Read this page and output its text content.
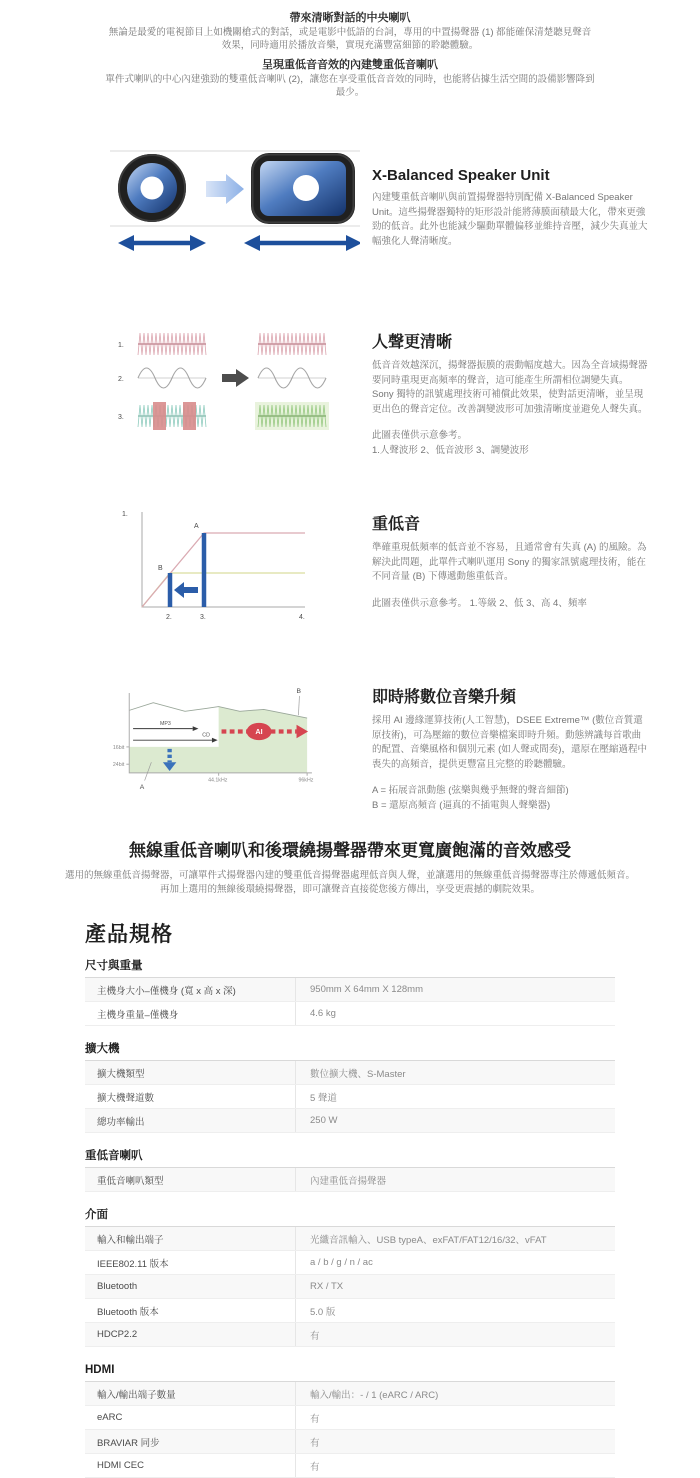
帶來清晰對話的中央喇叭

無論是最愛的電視節目上如機關槍式的對話，或是電影中低語的台詞，專用的中置揚聲器 (1) 都能確保清楚聽見聲音效果，同時適用於播放音樂，實現充滿豐富細節的聆聽體驗。

呈現重低音音效的內建雙重低音喇叭

單件式喇叭的中心內建強勁的雙重低音喇叭 (2)，讓您在享受重低音音效的同時，也能將佔據生活空間的設備影響降到最少。

X-Balanced Speaker Unit

內建雙重低音喇叭與前置揚聲器特別配備 X-Balanced Speaker Unit。這些揚聲器獨特的矩形設計能將薄膜面積最大化，帶來更強勁的低音。此外也能減少驅動單體偏移並維持音壓，減少失真並大幅強化人聲清晰度。

1.
2.
3.
人聲更清晰

低音音效越深沉，揚聲器振膜的震動幅度越大。因為全音域揚聲器要同時重現更高頻率的聲音，這可能產生所謂相位調變失真。Sony 獨特的訊號處理技術可補償此效果，使對話更清晰，並呈現更出色的聲音定位。改善調變波形可加強清晰度並避免人聲失真。

此圖表僅供示意參考。

1.人聲波形 2、低音波形 3、調變波形

1.
A
B
2.	3.	4.
重低音

準確重現低頻率的低音並不容易，且通常會有失真 (A) 的風險。為解決此問題，此單件式喇叭運用 Sony 的獨家訊號處理技術，能在不同音量 (B) 下傳遞動態重低音。

此圖表僅供示意參考。 1.等級 2、低 3、高 4、頻率

16bit
24bit
44.1kHz	96kHz
MP3
CD	AI
B
A
即時將數位音樂升頻

採用 AI 邊緣運算技術(人工智慧)，DSEE Extreme™ (數位音質還原技術)，可為壓縮的數位音樂檔案即時升頻。動態辨識每首歌曲的配置、音樂風格和個別元素 (如人聲或間奏)，還原在壓縮過程中喪失的高頻音，提供更豐富且完整的聆聽體驗。

A = 拓展音訊動態 (弦樂與幾乎無聲的聲音細節)

B = 還原高頻音 (逼真的不插電與人聲樂器)

無線重低音喇叭和後環繞揚聲器帶來更寬廣飽滿的音效感受

選用的無線重低音揚聲器，可讓單件式揚聲器內建的雙重低音揚聲器處理低音與人聲，並讓選用的無線重低音揚聲器專注於傳遞低頻音。再加上選用的無線後環繞揚聲器，即可讓聲音直接從您後方傳出，享受更震撼的劇院效果。

產品規格
尺寸與重量
主機身大小–僅機身 (寬 x 高 x 深)	950mm X 64mm X 128mm
主機身重量–僅機身	4.6 kg
擴大機
擴大機類型	數位擴大機、S-Master
擴大機聲道數	5 聲道
總功率輸出	250 W
重低音喇叭
重低音喇叭類型	內建重低音揚聲器
介面
輸入和輸出端子	光纖音訊輸入、USB typeA、exFAT/FAT12/16/32、vFAT
IEEE802.11 版本	a / b / g / n / ac
Bluetooth	RX / TX
Bluetooth 版本	5.0 版
HDCP2.2	有
HDMI
輸入/輸出端子數量	輸入/輸出：- / 1 (eARC / ARC)
eARC	有
BRAVIAR 同步	有
HDMI CEC	有
